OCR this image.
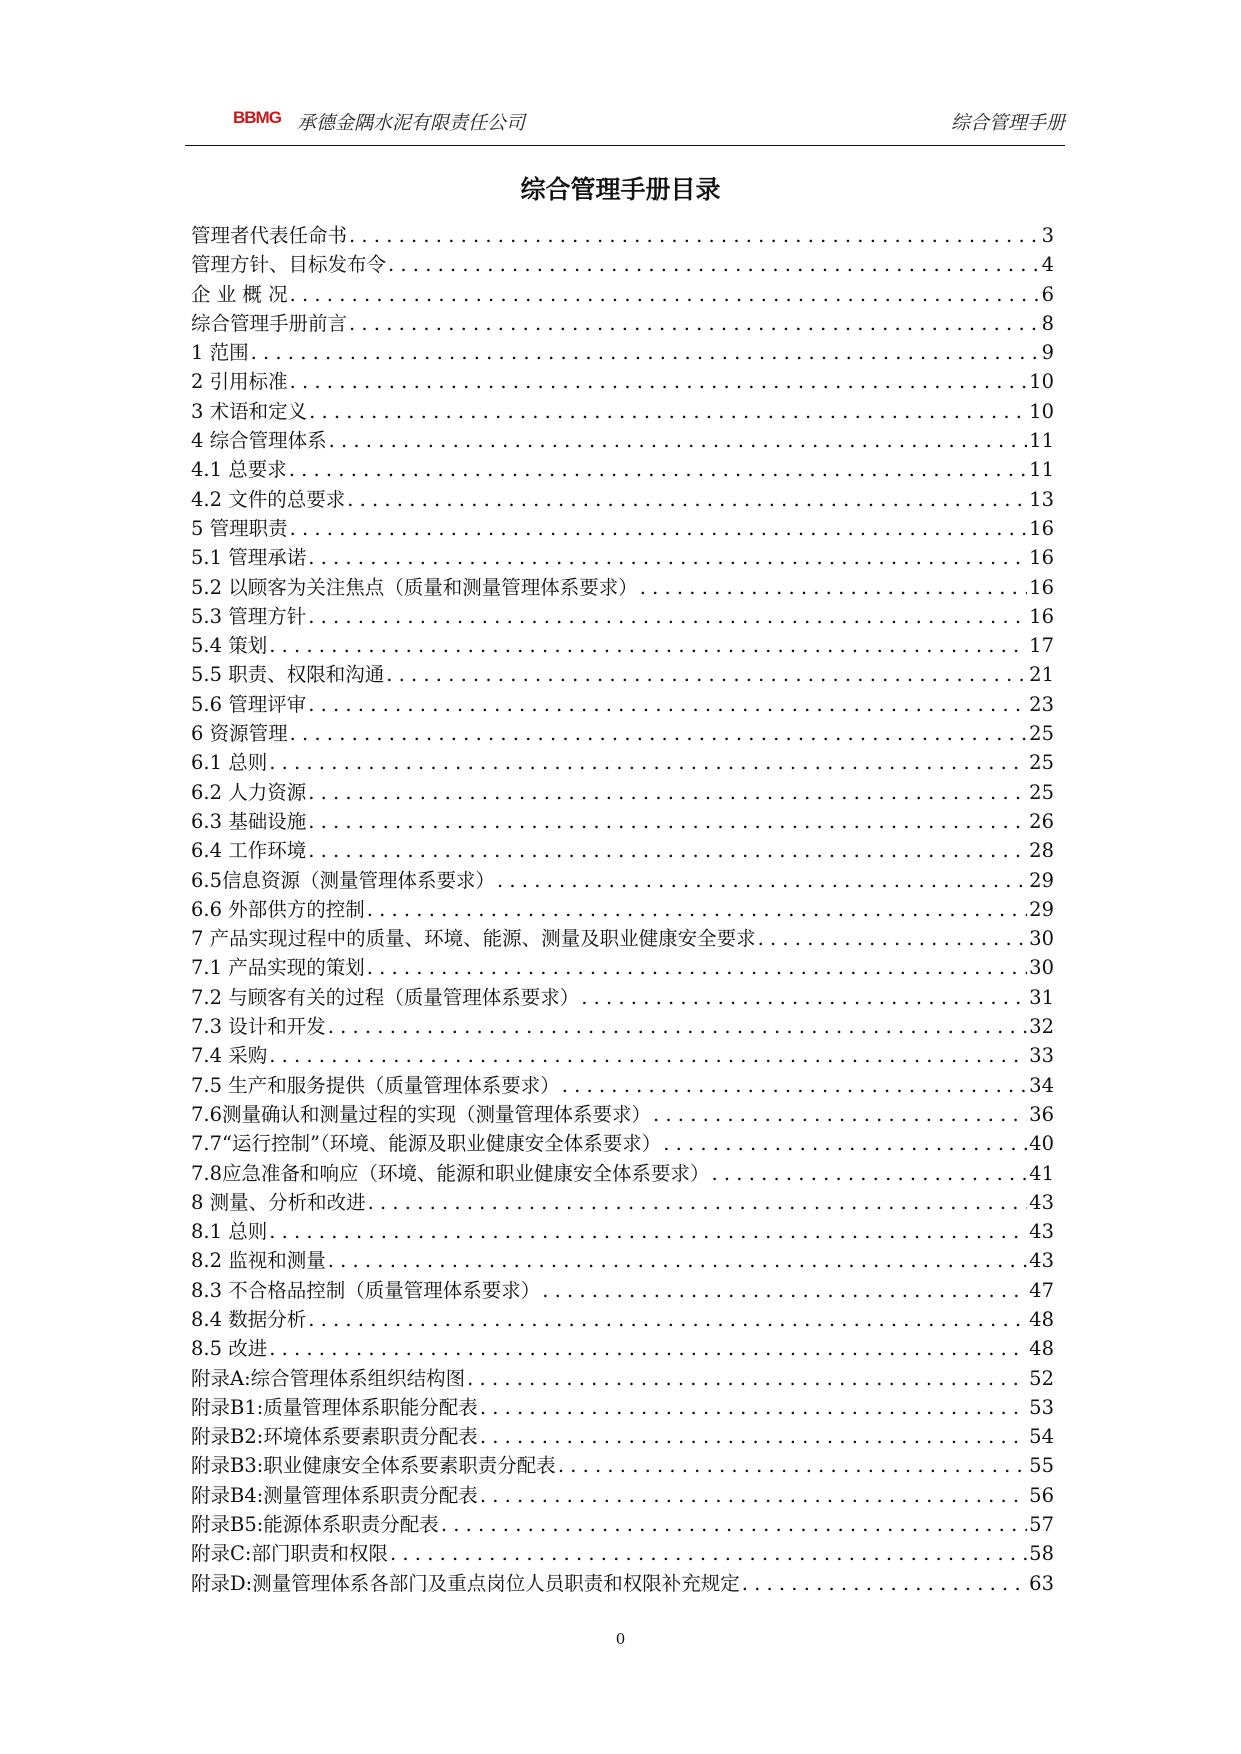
BBMG 承德金隅水泥有限责任公司	综合管理手册
综合管理手册目录
管理者代表任命书 . . .	3
管理方针、目标发布令 . . .	4
企 业 概 况 . . .	6
综合管理手册前言 . . .	8
1 范围 . . .	9
2 引用标准 . . .	10
3 术语和定义 . . .	10
4 综合管理体系 . . .	11
4.1 总要求 . . .	11
4.2 文件的总要求 . . .	13
5 管理职责 . . .	16
5.1 管理承诺 . . .	16
5.2 以顾客为关注焦点（质量和测量管理体系要求） . . .	16
5.3 管理方针 . . .	16
5.4 策划 . . .	17
5.5 职责、权限和沟通 . . .	21
5.6 管理评审 . . .	23
6 资源管理 . . .	25
6.1 总则 . . .	25
6.2 人力资源 . . .	25
6.3 基础设施 . . .	26
6.4 工作环境 . . .	28
6.5信息资源（测量管理体系要求） . . .	29
6.6 外部供方的控制 . . .	29
7 产品实现过程中的质量、环境、能源、测量及职业健康安全要求 . . .	30
7.1 产品实现的策划 . . .	30
7.2 与顾客有关的过程（质量管理体系要求） . . .	31
7.3 设计和开发 . . .	32
7.4 采购 . . .	33
7.5 生产和服务提供（质量管理体系要求） . . .	34
7.6测量确认和测量过程的实现（测量管理体系要求） . . .	36
7.7“运行控制”（环境、能源及职业健康安全体系要求） . . .	40
7.8应急准备和响应（环境、能源和职业健康安全体系要求） . . .	41
8 测量、分析和改进 . . .	43
8.1 总则 . . .	43
8.2 监视和测量 . . .	43
8.3 不合格品控制（质量管理体系要求） . . .	47
8.4 数据分析 . . .	48
8.5 改进 . . .	48
附录A:综合管理体系组织结构图 . . .	52
附录B1:质量管理体系职能分配表 . . .	53
附录B2:环境体系要素职责分配表 . . .	54
附录B3:职业健康安全体系要素职责分配表 . . .	55
附录B4:测量管理体系职责分配表 . . .	56
附录B5:能源体系职责分配表 . . .	57
附录C:部门职责和权限 . . .	58
附录D:测量管理体系各部门及重点岗位人员职责和权限补充规定 . . .	63
0
